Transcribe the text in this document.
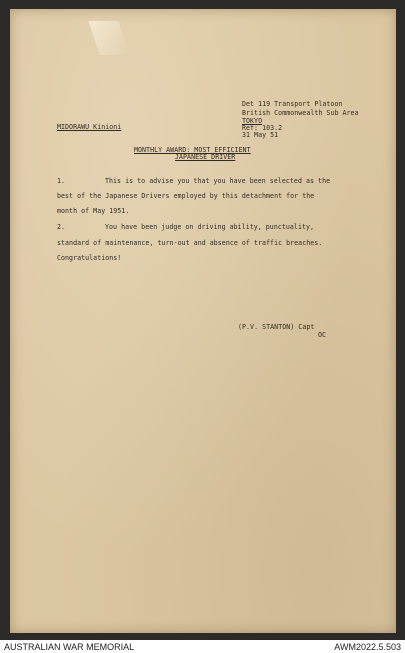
Det 119 Transport Platoon
British Commonwealth Sub Area
TOKYO
Ref: 103.2
31 May 51
MIDORAWU Kinioni
MONTHLY AWARD: MOST EFFICIENT
JAPANESE DRIVER
1.	This is to advise you that you have been selected as the
best of the Japanese Drivers employed by this detachment for the
month of May 1951.
2.	You have been judge on driving ability, punctuality,
standard of maintenance, turn-out and absence of traffic breaches.
Congratulations!
(P.V. STANTON) Capt
OC
AUSTRALIAN WAR MEMORIAL	AWM2022.5.503
